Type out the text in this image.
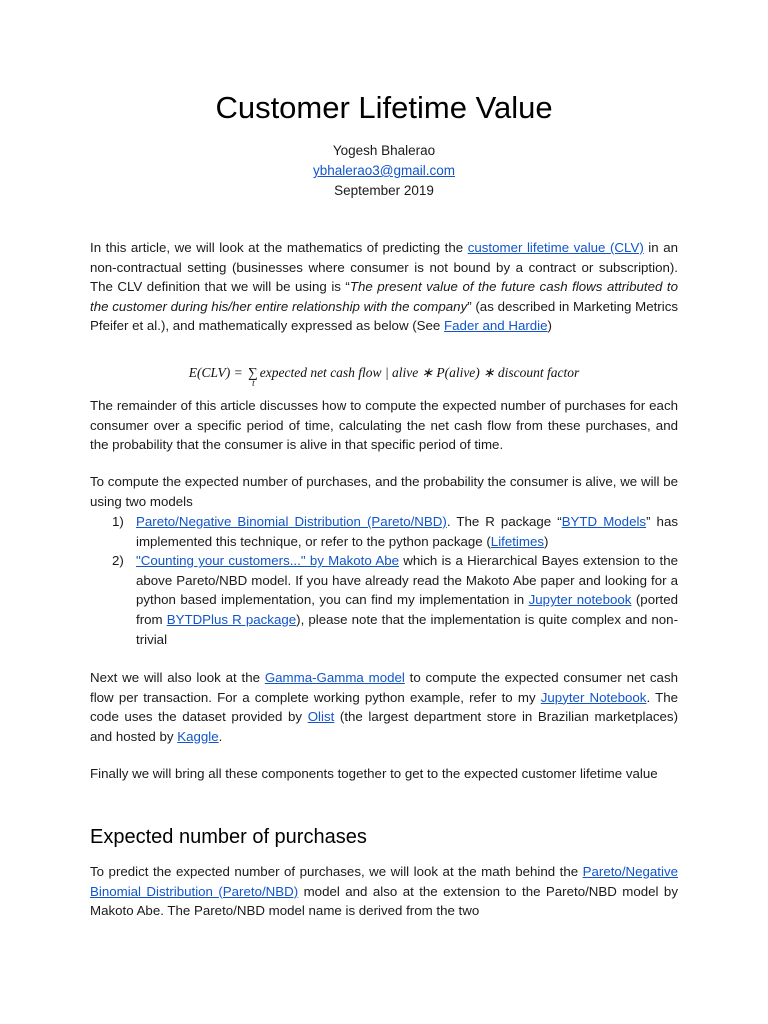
Customer Lifetime Value
Yogesh Bhalerao
ybhalerao3@gmail.com
September 2019

In this article, we will look at the mathematics of predicting the customer lifetime value (CLV) in an non-contractual setting (businesses where consumer is not bound by a contract or subscription). The CLV definition that we will be using is “The present value of the future cash flows attributed to the customer during his/her entire relationship with the company” (as described in Marketing Metrics Pfeifer et al.), and mathematically expressed as below (See Fader and Hardie)

E(CLV) = ∑
t
expected net cash flow | alive ∗ P(alive) ∗ discount factor

The remainder of this article discusses how to compute the expected number of purchases for each consumer over a specific period of time, calculating the net cash flow from these purchases, and the probability that the consumer is alive in that specific period of time.

To compute the expected number of purchases, and the probability the consumer is alive, we will be using two models

1) Pareto/Negative Binomial Distribution (Pareto/NBD). The R package “BYTD Models” has implemented this technique, or refer to the python package (Lifetimes)
2) "Counting your customers..." by Makoto Abe which is a Hierarchical Bayes extension to the above Pareto/NBD model. If you have already read the Makoto Abe paper and looking for a python based implementation, you can find my implementation in Jupyter notebook (ported from BYTDPlus R package), please note that the implementation is quite complex and non-trivial

Next we will also look at the Gamma-Gamma model to compute the expected consumer net cash flow per transaction. For a complete working python example, refer to my Jupyter Notebook. The code uses the dataset provided by Olist (the largest department store in Brazilian marketplaces) and hosted by Kaggle.

Finally we will bring all these components together to get to the expected customer lifetime value

Expected number of purchases

To predict the expected number of purchases, we will look at the math behind the Pareto/Negative Binomial Distribution (Pareto/NBD) model and also at the extension to the Pareto/NBD model by Makoto Abe. The Pareto/NBD model name is derived from the two
